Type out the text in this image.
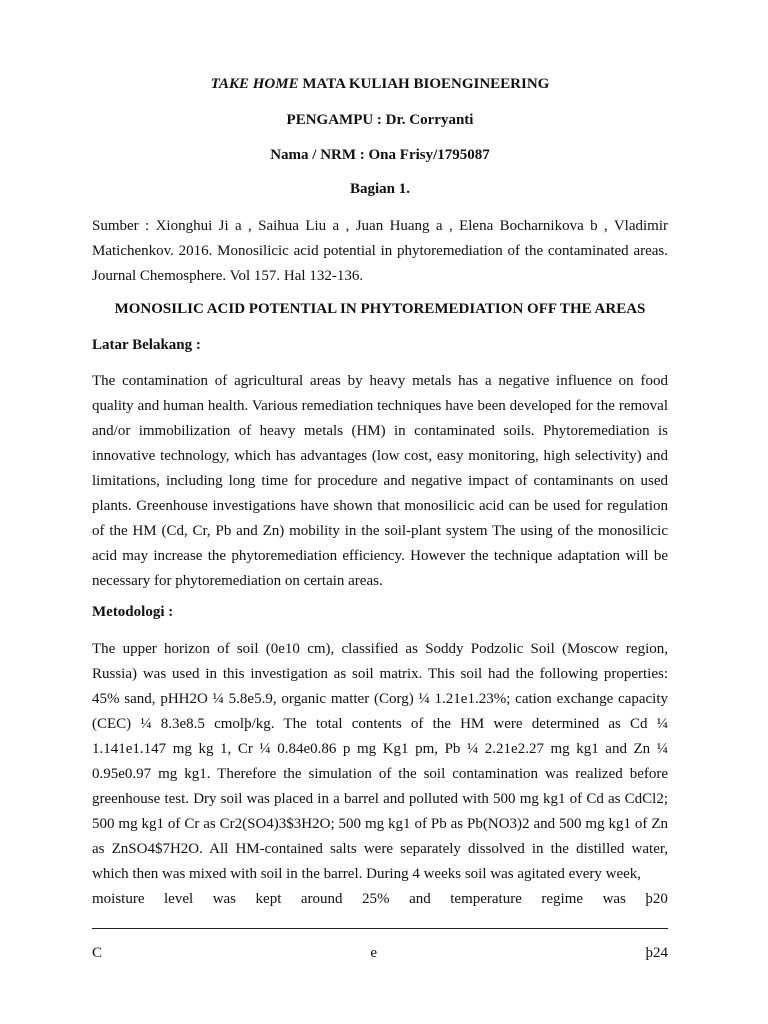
TAKE HOME MATA KULIAH BIOENGINEERING
PENGAMPU : Dr. Corryanti
Nama / NRM : Ona Frisy/1795087
Bagian 1.

Sumber : Xionghui Ji a , Saihua Liu a , Juan Huang a , Elena Bocharnikova b , Vladimir Matichenkov. 2016. Monosilicic acid potential in phytoremediation of the contaminated areas. Journal Chemosphere. Vol 157. Hal 132-136.

MONOSILIC ACID POTENTIAL IN PHYTOREMEDIATION OFF THE AREAS

Latar Belakang :

The contamination of agricultural areas by heavy metals has a negative influence on food quality and human health. Various remediation techniques have been developed for the removal and/or immobilization of heavy metals (HM) in contaminated soils. Phytoremediation is innovative technology, which has advantages (low cost, easy monitoring, high selectivity) and limitations, including long time for procedure and negative impact of contaminants on used plants. Greenhouse investigations have shown that monosilicic acid can be used for regulation of the HM (Cd, Cr, Pb and Zn) mobility in the soil-plant system The using of the monosilicic acid may increase the phytoremediation efficiency. However the technique adaptation will be necessary for phytoremediation on certain areas.

Metodologi :

The upper horizon of soil (0e10 cm), classified as Soddy Podzolic Soil (Moscow region, Russia) was used in this investigation as soil matrix. This soil had the following properties: 45% sand, pHH2O ¼ 5.8e5.9, organic matter (Corg) ¼ 1.21e1.23%; cation exchange capacity (CEC) ¼ 8.3e8.5 cmolþ/kg. The total contents of the HM were determined as Cd ¼ 1.141e1.147 mg kg 1, Cr ¼ 0.84e0.86 p mg Kg1 pm, Pb ¼ 2.21e2.27 mg kg1 and Zn ¼ 0.95e0.97 mg kg1. Therefore the simulation of the soil contamination was realized before greenhouse test. Dry soil was placed in a barrel and polluted with 500 mg kg1 of Cd as CdCl2; 500 mg kg1 of Cr as Cr2(SO4)3$3H2O; 500 mg kg1 of Pb as Pb(NO3)2 and 500 mg kg1 of Zn as ZnSO4$7H2O. All HM-contained salts were separately dissolved in the distilled water, which then was mixed with soil in the barrel. During 4 weeks soil was agitated every week,
moisture level was kept around 25% and temperature regime was þ20
C	e	þ24
